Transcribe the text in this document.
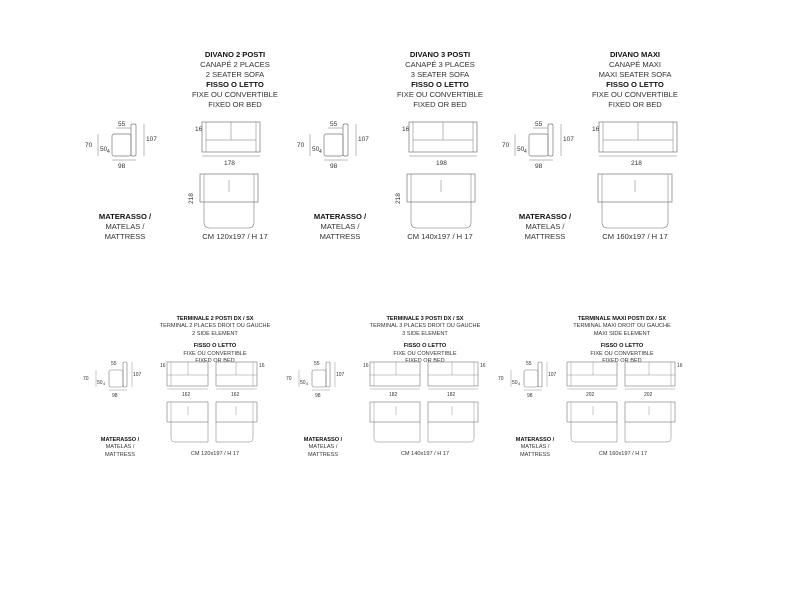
DIVANO 2 POSTI
CANAPÉ 2 PLACES
2 SEATER SOFA
FISSO O LETTO
FIXE OU CONVERTIBLE
FIXED OR BED
55
107
70
50 4
98
16
178
218
MATERASSO /
MATELAS /
MATTRESS	CM 120x197 / H 17
DIVANO 3 POSTI
CANAPÉ 3 PLACES
3 SEATER SOFA
FISSO O LETTO
FIXE OU CONVERTIBLE
FIXED OR BED
55
107
70
50 4
98
16
198
218
MATERASSO /
MATELAS /
MATTRESS	CM 140x197 / H 17
DIVANO MAXI
CANAPÉ MAXI
MAXI SEATER SOFA
FISSO O LETTO
FIXE OU CONVERTIBLE
FIXED OR BED
55
107
70
50 4
98
16
218
MATERASSO /
MATELAS /
MATTRESS	CM 160x197 / H 17
TERMINALE 2 POSTI DX / SX
TERMINAL 2 PLACES DROIT OU GAUCHE
2 SIDE ELEMENT
FISSO O LETTO
FIXE OU CONVERTIBLE
FIXED OR BED
55
107
70
50 4
98
16	16
162	162
MATERASSO /
MATELAS /
MATTRESS	CM 120x197 / H 17
TERMINALE 3 POSTI DX / SX
TERMINAL 3 PLACES DROIT OU GAUCHE
3 SIDE ELEMENT
FISSO O LETTO
FIXE OU CONVERTIBLE
FIXED OR BED
55
107
70
50 4
98
16	16
182	182
MATERASSO /
MATELAS /
MATTRESS	CM 140x197 / H 17
TERMINALE MAXI POSTI DX / SX
TERMINAL MAXI DROIT OU GAUCHE
MAXI SIDE ELEMENT
FISSO O LETTO
FIXE OU CONVERTIBLE
FIXED OR BED
55
107
70
50 4
98
16
202	202
MATERASSO /
MATELAS /
MATTRESS	CM 160x197 / H 17
